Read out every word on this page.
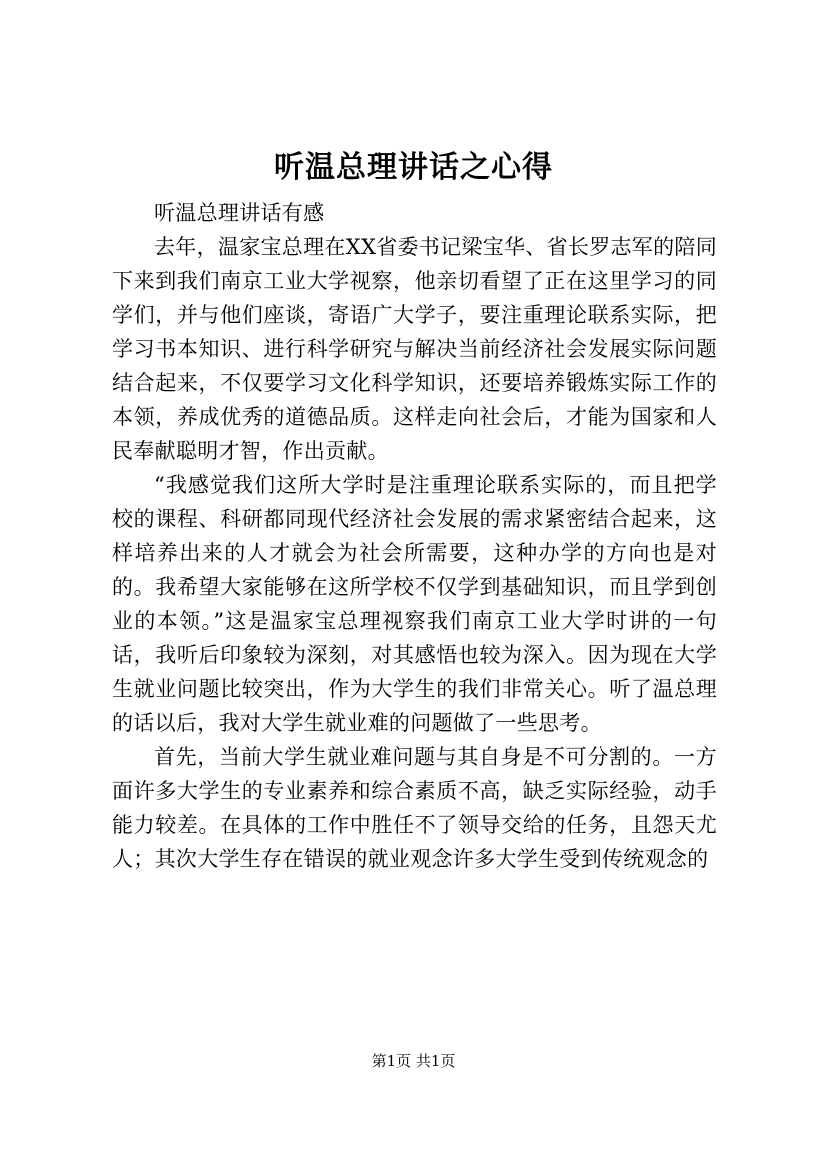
听温总理讲话之心得

听温总理讲话有感

去年，温家宝总理在XX省委书记梁宝华、省长罗志军的陪同下来到我们南京工业大学视察，他亲切看望了正在这里学习的同学们，并与他们座谈，寄语广大学子，要注重理论联系实际，把学习书本知识、进行科学研究与解决当前经济社会发展实际问题结合起来，不仅要学习文化科学知识，还要培养锻炼实际工作的本领，养成优秀的道德品质。这样走向社会后，才能为国家和人民奉献聪明才智，作出贡献。

“我感觉我们这所大学时是注重理论联系实际的，而且把学校的课程、科研都同现代经济社会发展的需求紧密结合起来，这样培养出来的人才就会为社会所需要，这种办学的方向也是对的。我希望大家能够在这所学校不仅学到基础知识，而且学到创业的本领。”这是温家宝总理视察我们南京工业大学时讲的一句话，我听后印象较为深刻，对其感悟也较为深入。因为现在大学生就业问题比较突出，作为大学生的我们非常关心。听了温总理的话以后，我对大学生就业难的问题做了一些思考。

首先，当前大学生就业难问题与其自身是不可分割的。一方面许多大学生的专业素养和综合素质不高，缺乏实际经验，动手能力较差。在具体的工作中胜任不了领导交给的任务，且怨天尤人；其次大学生存在错误的就业观念许多大学生受到传统观念的

第1页 共1页
